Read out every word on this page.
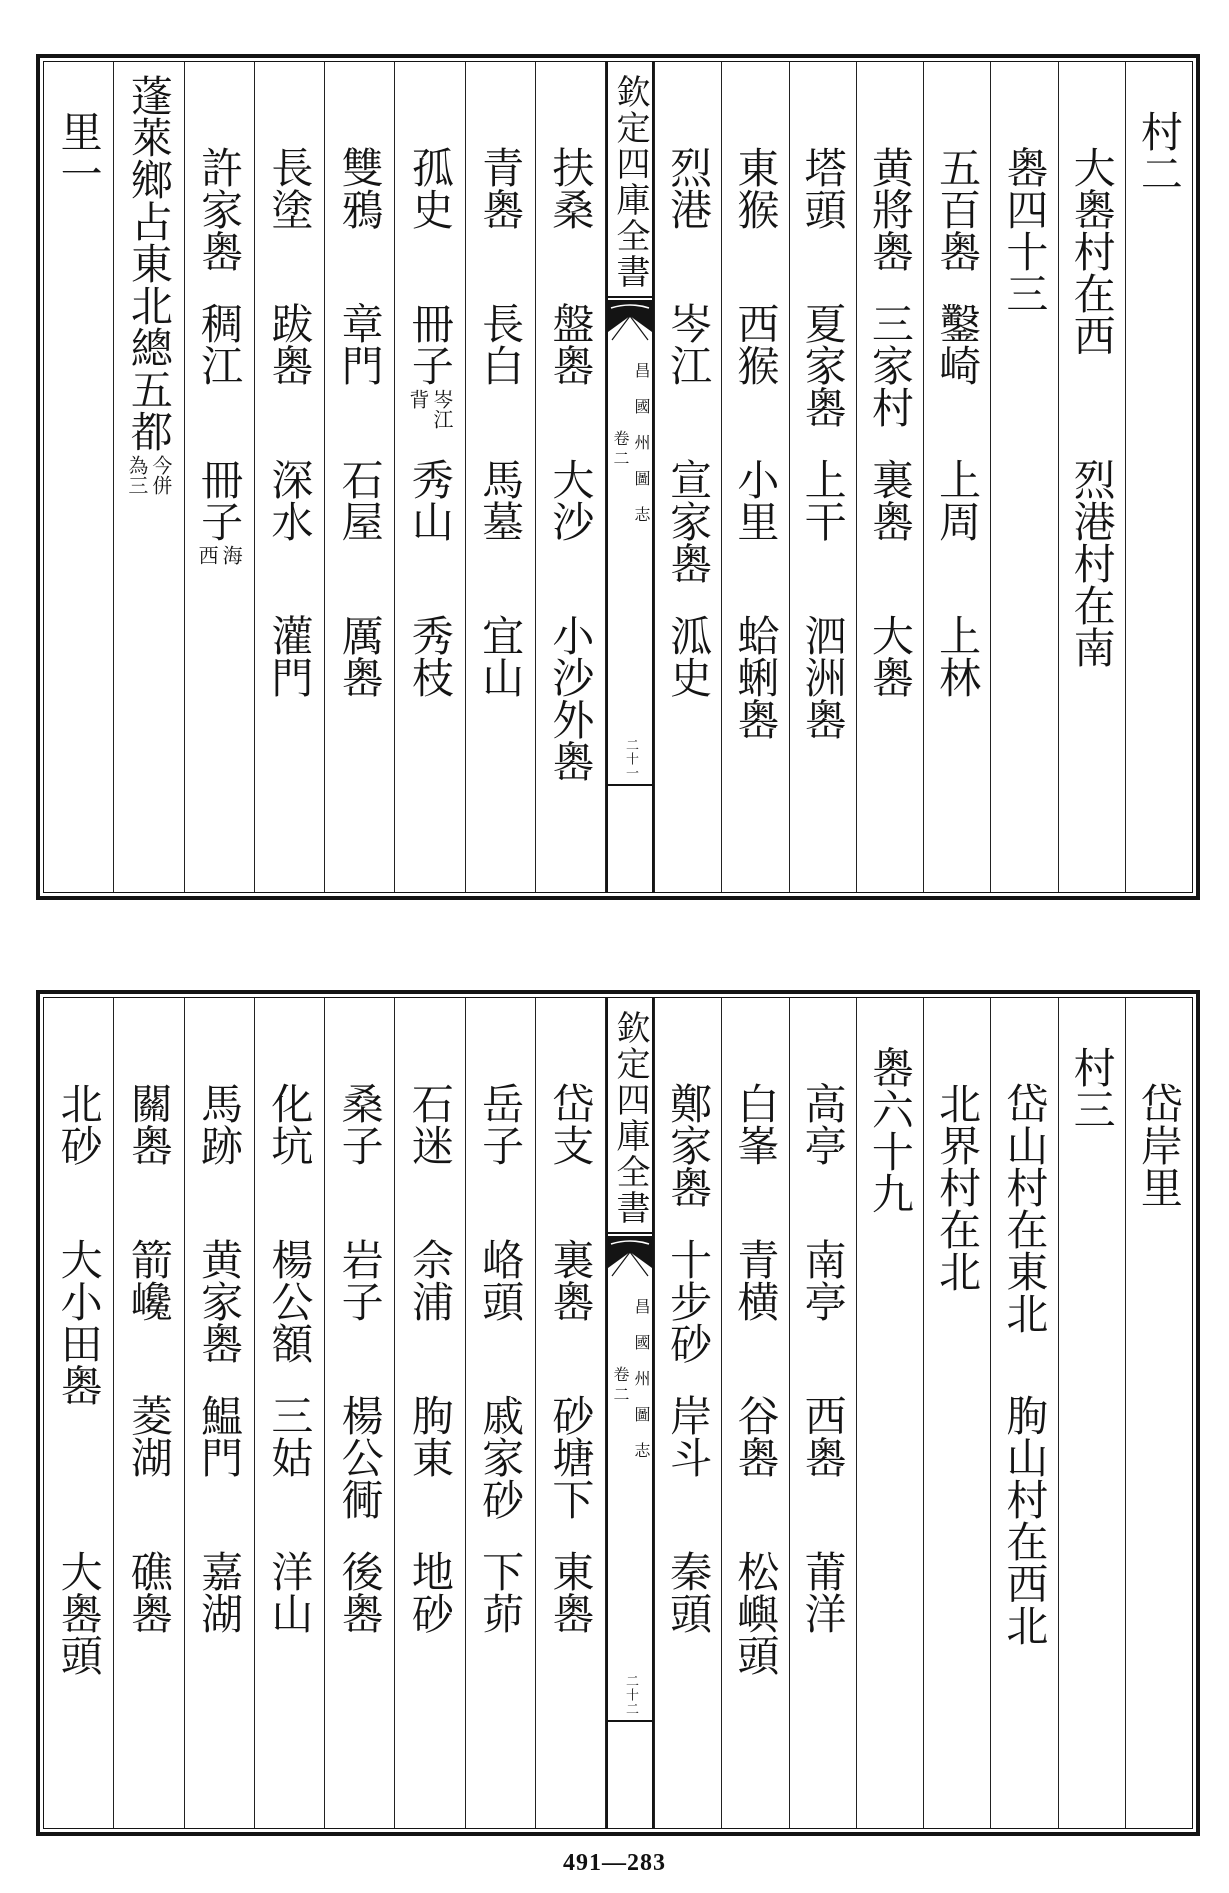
村二
大嶴村在西
烈港村在南
嶴四十三
五百嶴
鑿崎
上周
上林
黄將嶴
三家村
裏嶴
大嶴
塔頭
夏家嶴
上干
泗洲嶴
東猴
西猴
小里
蛤蜊嶴
烈港
岑江
宣家嶴
泒史
欽定四庫全書
昌國州圖志
卷二
二十一
扶桑
盤嶴
大沙
小沙外嶴
青嶴
長白
馬墓
宜山
孤史
冊子
岑江
背
秀山
秀枝
雙鴉
章門
石屋
厲嶴
長塗
跋嶴
深水
灌門
許家嶴
稠江
冊子
海
西
蓬萊鄉占東北總五都
今併
為三
里一
岱岸里
村三
岱山村在東北
朐山村在西北
北界村在北
嶴六十九
高亭
南亭
西嶴
莆洋
白峯
青横
谷嶴
松嶼頭
鄭家嶴
十步砂
岸斗
秦頭
欽定四庫全書
昌國州圖志
卷二
二十二
岱支
裏嶴
砂塘下
東嶴
岳子
峈頭
戚家砂
下茆
石迷
佘浦
朐東
地砂
桑子
岩子
楊公衕
後嶴
化坑
楊公額
三姑
洋山
馬跡
黄家嶴
鰛門
嘉湖
關嶴
箭巉
菱湖
礁嶴
北砂
大小田嶴
大嶴頭
491—283
